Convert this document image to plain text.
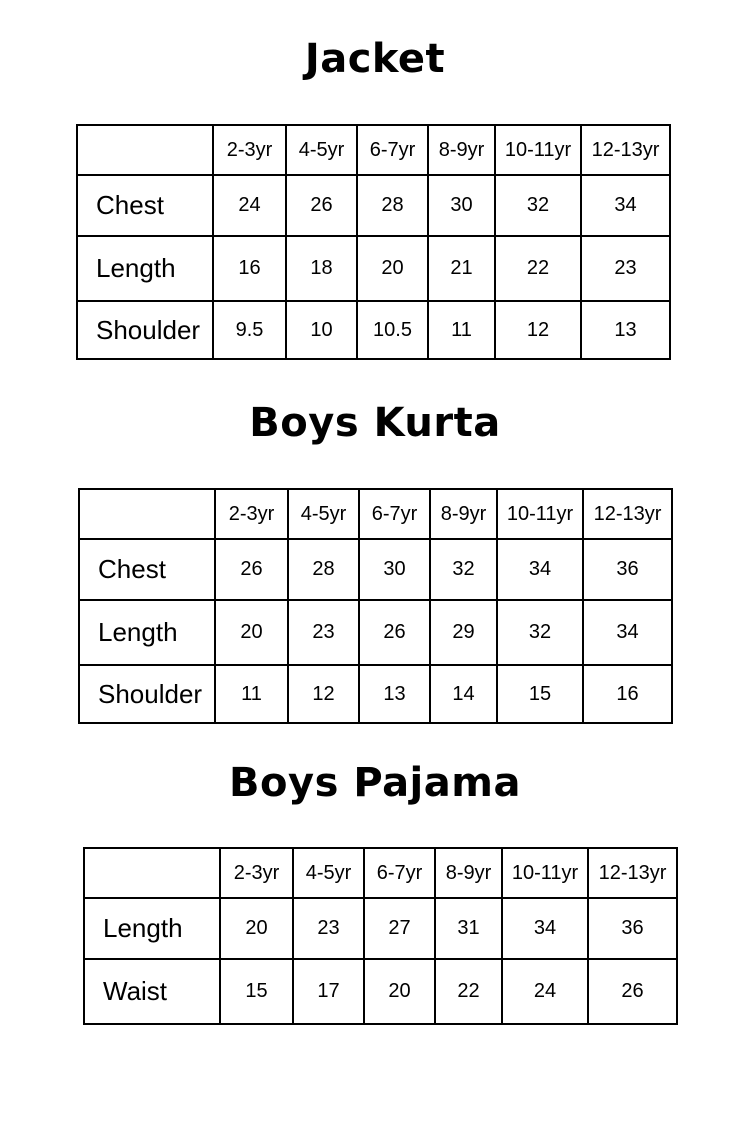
Jacket
	2-3yr	4-5yr	6-7yr	8-9yr	10-11yr	12-13yr
Chest	24	26	28	30	32	34
Length	16	18	20	21	22	23
Shoulder	9.5	10	10.5	11	12	13
Boys Kurta
	2-3yr	4-5yr	6-7yr	8-9yr	10-11yr	12-13yr
Chest	26	28	30	32	34	36
Length	20	23	26	29	32	34
Shoulder	11	12	13	14	15	16
Boys Pajama
	2-3yr	4-5yr	6-7yr	8-9yr	10-11yr	12-13yr
Length	20	23	27	31	34	36
Waist	15	17	20	22	24	26
